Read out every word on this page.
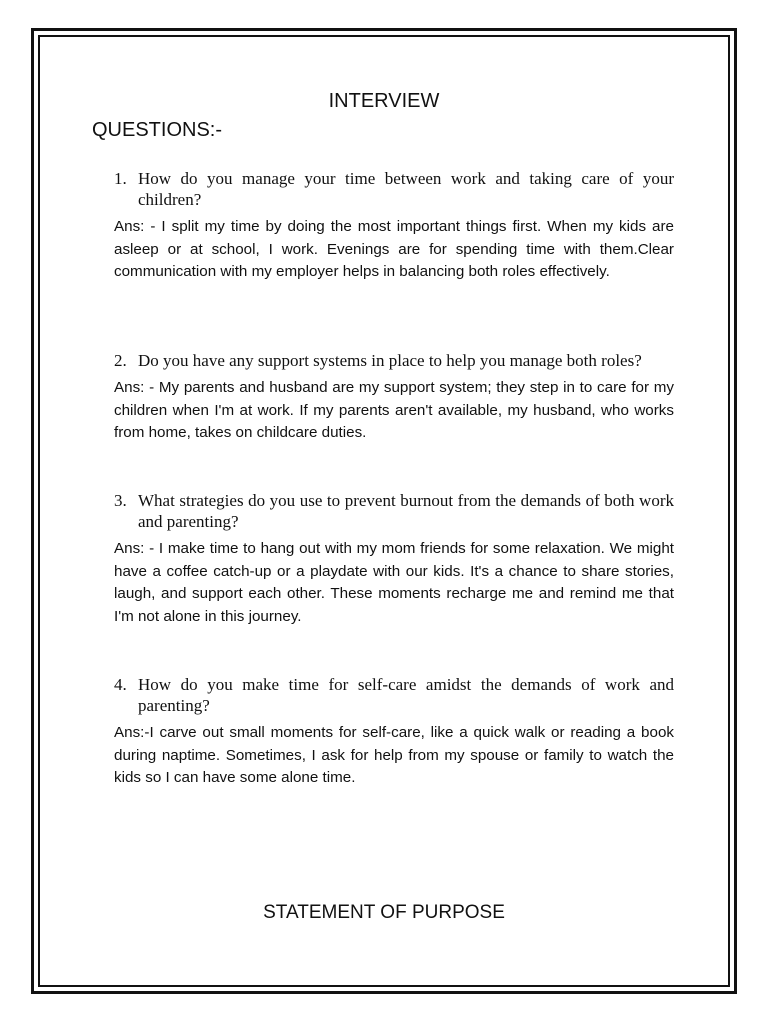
INTERVIEW
QUESTIONS:-
1. How do you manage your time between work and taking care of your children?
Ans: - I split my time by doing the most important things first. When my kids are asleep or at school, I work. Evenings are for spending time with them.Clear communication with my employer helps in balancing both roles effectively.
2. Do you have any support systems in place to help you manage both roles?
Ans: - My parents and husband are my support system; they step in to care for my children when I'm at work. If my parents aren't available, my husband, who works from home, takes on childcare duties.
3. What strategies do you use to prevent burnout from the demands of both work and parenting?
Ans: - I make time to hang out with my mom friends for some relaxation. We might have a coffee catch-up or a playdate with our kids. It's a chance to share stories, laugh, and support each other. These moments recharge me and remind me that I'm not alone in this journey.
4. How do you make time for self-care amidst the demands of work and parenting?
Ans:-I carve out small moments for self-care, like a quick walk or reading a book during naptime. Sometimes, I ask for help from my spouse or family to watch the kids so I can have some alone time.
STATEMENT OF PURPOSE
